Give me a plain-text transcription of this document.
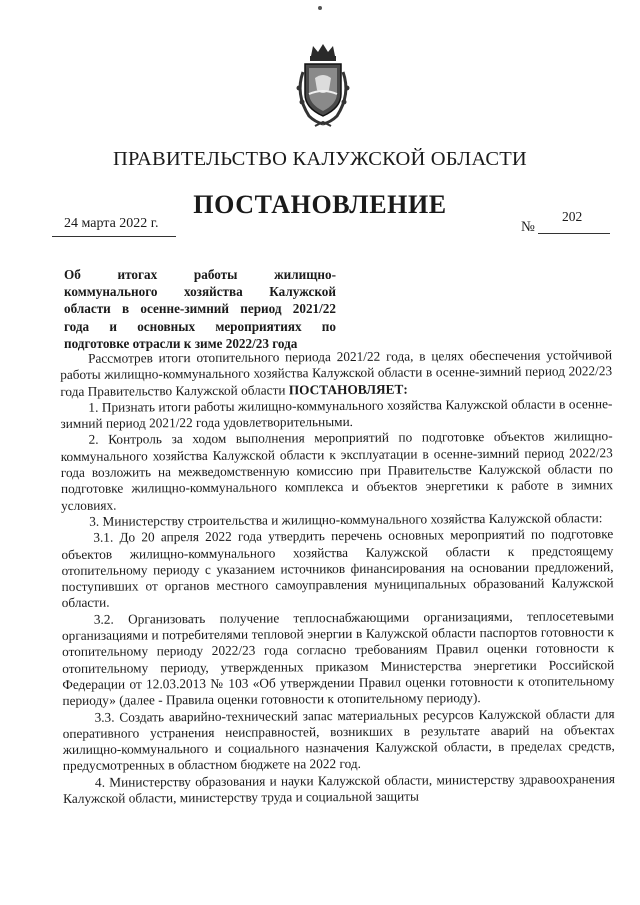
ПРАВИТЕЛЬСТВО КАЛУЖСКОЙ ОБЛАСТИ
ПОСТАНОВЛЕНИЕ
24 марта 2022 г.	№
202
Об итогах работы жилищно-
коммунального хозяйства Калужской
области в осенне-зимний период 2021/22
года и основных мероприятиях по
подготовке отрасли к зиме 2022/23 года

Рассмотрев итоги отопительного периода 2021/22 года, в целях обеспечения устойчивой работы жилищно-коммунального хозяйства Калужской области в осенне-зимний период 2022/23 года Правительство Калужской области ПОСТАНОВЛЯЕТ:

1. Признать итоги работы жилищно-коммунального хозяйства Калужской области в осенне-зимний период 2021/22 года удовлетворительными.

2. Контроль за ходом выполнения мероприятий по подготовке объектов жилищно-коммунального хозяйства Калужской области к эксплуатации в осенне-зимний период 2022/23 года возложить на межведомственную комиссию при Правительстве Калужской области по подготовке жилищно-коммунального комплекса и объектов энергетики к работе в зимних условиях.

3. Министерству строительства и жилищно-коммунального хозяйства Калужской области:

3.1. До 20 апреля 2022 года утвердить перечень основных мероприятий по подготовке объектов жилищно-коммунального хозяйства Калужской области к предстоящему отопительному периоду с указанием источников финансирования на основании предложений, поступивших от органов местного самоуправления муниципальных образований Калужской области.

3.2. Организовать получение теплоснабжающими организациями, теплосетевыми организациями и потребителями тепловой энергии в Калужской области паспортов готовности к отопительному периоду 2022/23 года согласно требованиям Правил оценки готовности к отопительному периоду, утвержденных приказом Министерства энергетики Российской Федерации от 12.03.2013 № 103 «Об утверждении Правил оценки готовности к отопительному периоду» (далее - Правила оценки готовности к отопительному периоду).

3.3. Создать аварийно-технический запас материальных ресурсов Калужской области для оперативного устранения неисправностей, возникших в результате аварий на объектах жилищно-коммунального и социального назначения Калужской области, в пределах средств, предусмотренных в областном бюджете на 2022 год.

4. Министерству образования и науки Калужской области, министерству здравоохранения Калужской области, министерству труда и социальной защиты
